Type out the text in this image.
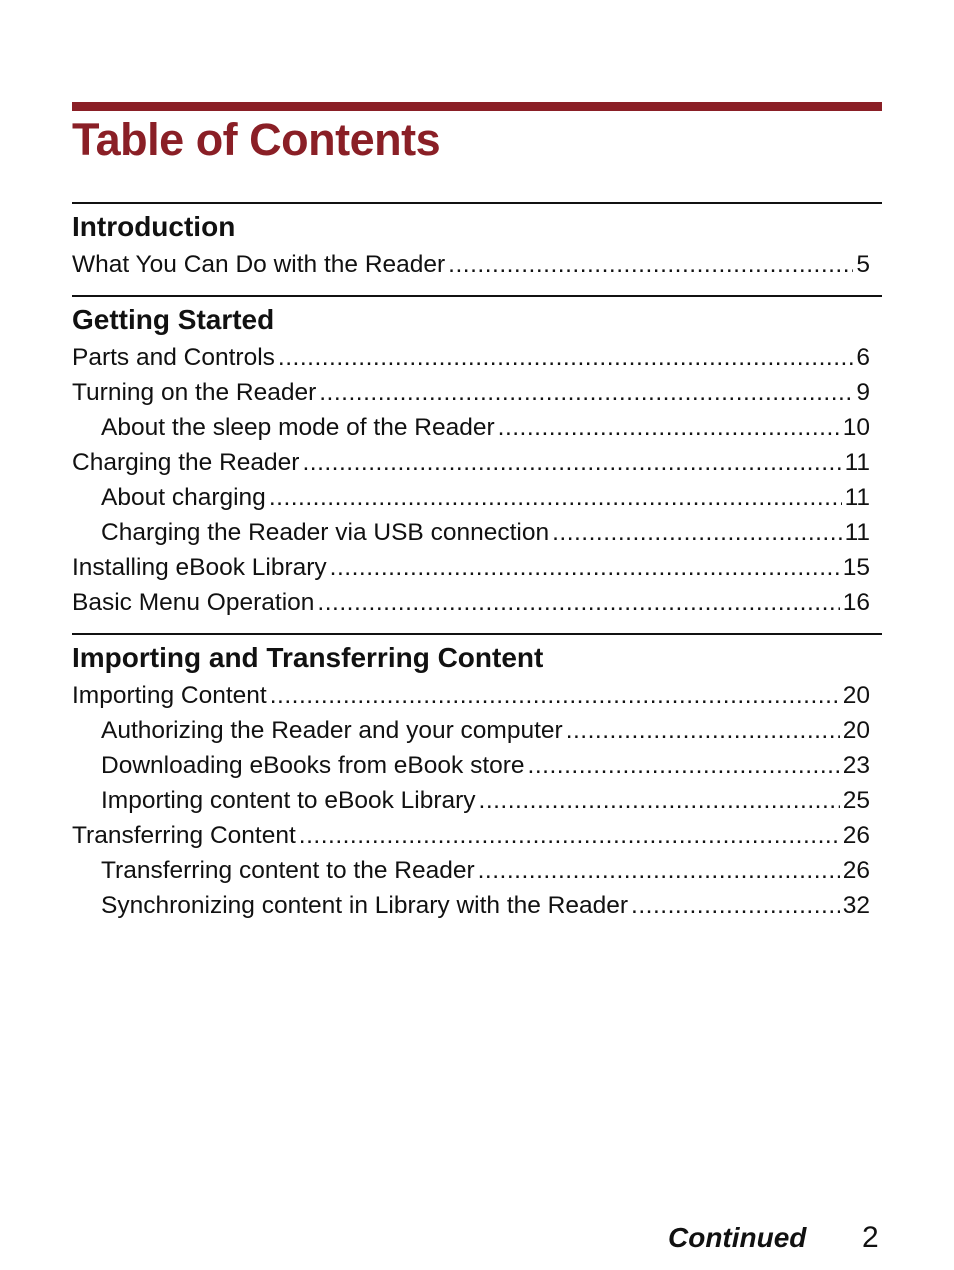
Table of Contents
Introduction
What You Can Do with the Reader .....	5
Getting Started
Parts and Controls .....	6
Turning on the Reader .....	9
About the sleep mode of the Reader .....	10
Charging the Reader .....	11
About charging .....	11
Charging the Reader via USB connection .....	11
Installing eBook Library .....	15
Basic Menu Operation .....	16
Importing and Transferring Content
Importing Content .....	20
Authorizing the Reader and your computer .....	20
Downloading eBooks from eBook store .....	23
Importing content to eBook Library .....	25
Transferring Content .....	26
Transferring content to the Reader .....	26
Synchronizing content in Library with the Reader .....	32
Continued 2
